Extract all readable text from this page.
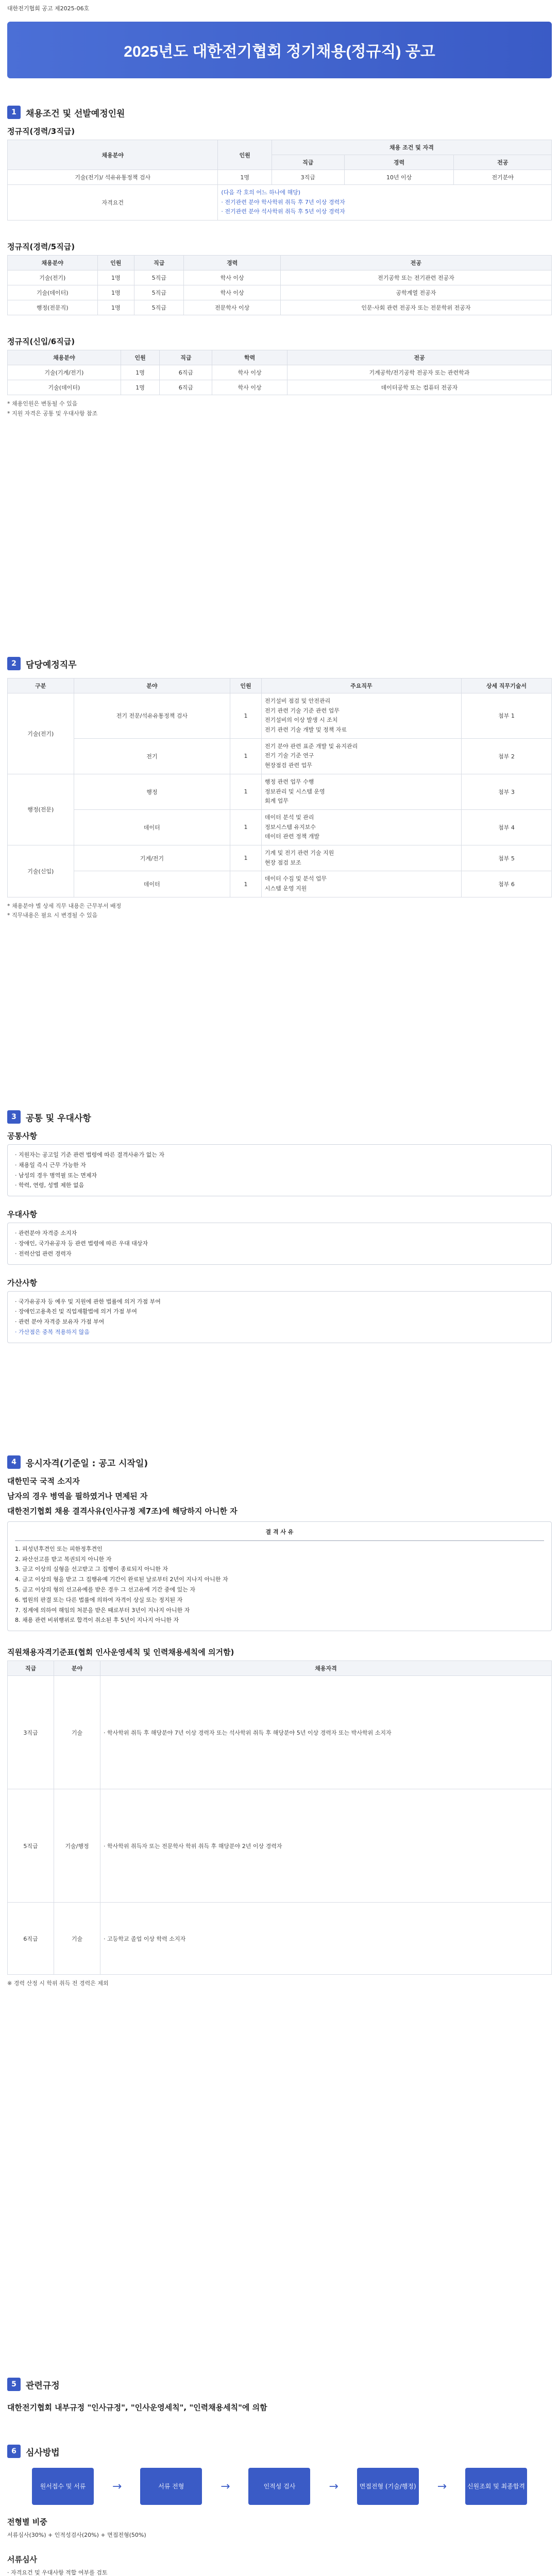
대한전기협회 공고 제2025-06호
2025년도 대한전기협회 정기채용(정규직) 공고
1	채용조건 및 선발예정인원
정규직(경력/3직급)
채용분야	인원	채용 조건 및 자격		
		직급	경력	전공
기술(전기)/ 석유유통정책 검사	1명	3직급	10년 이상	전기분야
자격요건	(다음 각 호의 어느 하나에 해당)
· 전기관련 분야 학사학위 취득 후 7년 이상 경력자
· 전기관련 분야 석사학위 취득 후 5년 이상 경력자			
정규직(경력/5직급)
채용분야	인원	직급	경력	전공
기술(전기)	1명	5직급	학사 이상	전기공학 또는 전기관련 전공자
기술(데이터)	1명	5직급	학사 이상	공학계열 전공자
행정(전문직)	1명	5직급	전문학사 이상	인문·사회 관련 전공자 또는 전문학위 전공자
정규직(신입/6직급)
채용분야	인원	직급	학력	전공
기술(기계/전기)	1명	6직급	학사 이상	기계공학/전기공학 전공자 또는 관련학과
기술(데이터)	1명	6직급	학사 이상	데이터공학 또는 컴퓨터 전공자
* 채용인원은 변동될 수 있음
* 지원 자격은 공통 및 우대사항 참조
2	담당예정직무
구분	분야	인원	주요직무	상세 직무기술서
기술(전기)	전기 전문/석유유통정책 검사	1	전기설비 점검 및 안전관리
전기 관련 기술 기준 관련 업무
전기설비의 이상 발생 시 조치
전기 관련 기술 개발 및 정책 자료	첨부 1
	전기	1	전기 분야 관련 표준 개발 및 유지관리
전기 기술 기준 연구
현장점검 관련 업무	첨부 2
행정(전문)	행정	1	행정 관련 업무 수행
정보관리 및 시스템 운영
회계 업무	첨부 3
	데이터	1	데이터 분석 및 관리
정보시스템 유지보수
데이터 관련 정책 개발	첨부 4
기술(신입)	기계/전기	1	기계 및 전기 관련 기술 지원
현장 점검 보조	첨부 5
	데이터	1	데이터 수집 및 분석 업무
시스템 운영 지원	첨부 6
* 채용분야 별 상세 직무 내용은 근무부서 배정
* 직무내용은 필요 시 변경될 수 있음
3	공통 및 우대사항
공통사항
· 지원자는 공고일 기준 관련 법령에 따른 결격사유가 없는 자
· 채용일 즉시 근무 가능한 자
· 남성의 경우 병역필 또는 면제자
· 학력, 연령, 성별 제한 없음
우대사항
· 관련분야 자격증 소지자
· 장애인, 국가유공자 등 관련 법령에 따른 우대 대상자
· 전력산업 관련 경력자
가산사항
· 국가유공자 등 예우 및 지원에 관한 법률에 의거 가점 부여
· 장애인고용촉진 및 직업재활법에 의거 가점 부여
· 관련 분야 자격증 보유자 가점 부여
· 가산점은 중복 적용하지 않음
4	응시자격(기준일 : 공고 시작일)
대한민국 국적 소지자
남자의 경우 병역을 필하였거나 면제된 자
대한전기협회 채용 결격사유(인사규정 제7조)에 해당하지 아니한 자
결 격 사 유
1. 피성년후견인 또는 피한정후견인
2. 파산선고를 받고 복권되지 아니한 자
3. 금고 이상의 실형을 선고받고 그 집행이 종료되지 아니한 자
4. 금고 이상의 형을 받고 그 집행유예 기간이 완료된 날로부터 2년이 지나지 아니한 자
5. 금고 이상의 형의 선고유예를 받은 경우 그 선고유예 기간 중에 있는 자
6. 법원의 판결 또는 다른 법률에 의하여 자격이 상실 또는 정지된 자
7. 징계에 의하여 해임의 처분을 받은 때로부터 3년이 지나지 아니한 자
8. 채용 관련 비위행위로 합격이 취소된 후 5년이 지나지 아니한 자
직원채용자격기준표(협회 인사운영세칙 및 인력채용세칙에 의거함)
직급	분야	채용자격
3직급	기술	· 학사학위 취득 후 해당분야 7년 이상 경력자 또는 석사학위 취득 후 해당분야 5년 이상 경력자 또는 박사학위 소지자
5직급	기술/행정	· 학사학위 취득자 또는 전문학사 학위 취득 후 해당분야 2년 이상 경력자
6직급	기술	· 고등학교 졸업 이상 학력 소지자
※ 경력 산정 시 학위 취득 전 경력은 제외
5	관련규정
대한전기협회 내부규정 "인사규정", "인사운영세칙", "인력채용세칙"에 의함
6	심사방법
원서접수 및 서류	→	서류 전형	→	인적성 검사	→	면접전형 (기술/행정) →	신원조회 및 최종합격
전형별 비중
서류심사(30%) + 인적성검사(20%) + 면접전형(50%)
서류심사
· 자격요건 및 우대사항 적합 여부를 검토
